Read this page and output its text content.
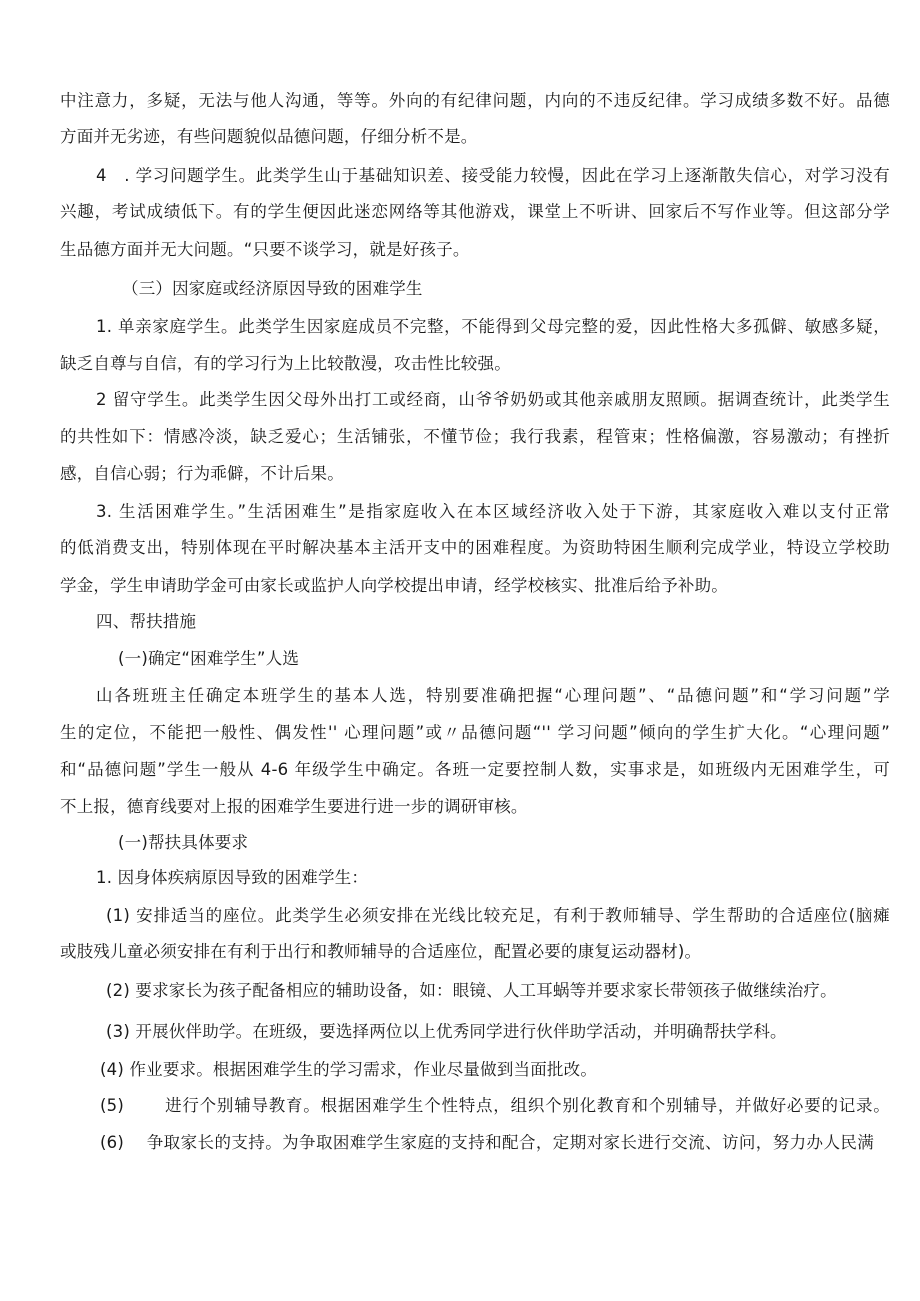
中注意力，多疑，无法与他人沟通，等等。外向的有纪律问题，内向的不违反纪律。学习成绩多数不好。品德
方面并无劣迹，有些问题貌似品德问题，仔细分析不是。
4　. 学习问题学生。此类学生山于基础知识差、接受能力较慢，因此在学习上逐渐散失信心，对学习没有
兴趣，考试成绩低下。有的学生便因此迷恋网络等其他游戏，课堂上不听讲、回家后不写作业等。但这部分学
生品德方面并无大问题。“只要不谈学习，就是好孩子。
（三）因家庭或经济原因导致的困难学生
1. 单亲家庭学生。此类学生因家庭成员不完整，不能得到父母完整的爱，因此性格大多孤僻、敏感多疑，
缺乏自尊与自信，有的学习行为上比较散漫，攻击性比较强。
2 留守学生。此类学生因父母外出打工或经商，山爷爷奶奶或其他亲戚朋友照顾。据调查统计，此类学生
的共性如下：情感冷淡，缺乏爱心；生活铺张，不懂节俭；我行我素，程管束；性格偏激，容易激动；有挫折
感，自信心弱；行为乖僻，不计后果。
3. 生活困难学生。”生活困难生”是指家庭收入在本区域经济收入处于下游，其家庭收入难以支付正常
的低消费支出，特别体现在平时解决基本主活开支中的困难程度。为资助特困生顺利完成学业，特设立学校助
学金，学生申请助学金可由家长或监护人向学校提出申请，经学校核实、批准后给予补助。
四、帮扶措施
(一)确定“困难学生”人选
山各班班主任确定本班学生的基本人选，特别要准确把握“心理问题”、“品德问题”和“学习问题”学
生的定位，不能把一般性、偶发性'' 心理问题”或〃品德问题“'' 学习问题”倾向的学生扩大化。“心理问题”
和“品德问题”学生一般从 4-6 年级学生中确定。各班一定要控制人数，实事求是，如班级内无困难学生，可
不上报，德育线要对上报的困难学生要进行进一步的调研审核。
(一)帮扶具体要求
1. 因身体疾病原因导致的困难学生：
(1) 安排适当的座位。此类学生必须安排在光线比较充足，有利于教师辅导、学生帮助的合适座位(脑瘫
或肢残儿童必须安排在有利于出行和教师辅导的合适座位，配置必要的康复运动器材)。
(2) 要求家长为孩子配备相应的辅助设备，如：眼镜、人工耳蜗等并要求家长带领孩子做继续治疗。
(3) 开展伙伴助学。在班级，要选择两位以上优秀同学进行伙伴助学活动，并明确帮扶学科。
(4) 作业要求。根据困难学生的学习需求，作业尽量做到当面批改。
(5)　　 进行个别辅导教育。根据困难学生个性特点，组织个别化教育和个别辅导，并做好必要的记录。
(6)　 争取家长的支持。为争取困难学生家庭的支持和配合，定期对家长进行交流、访问，努力办人民满
